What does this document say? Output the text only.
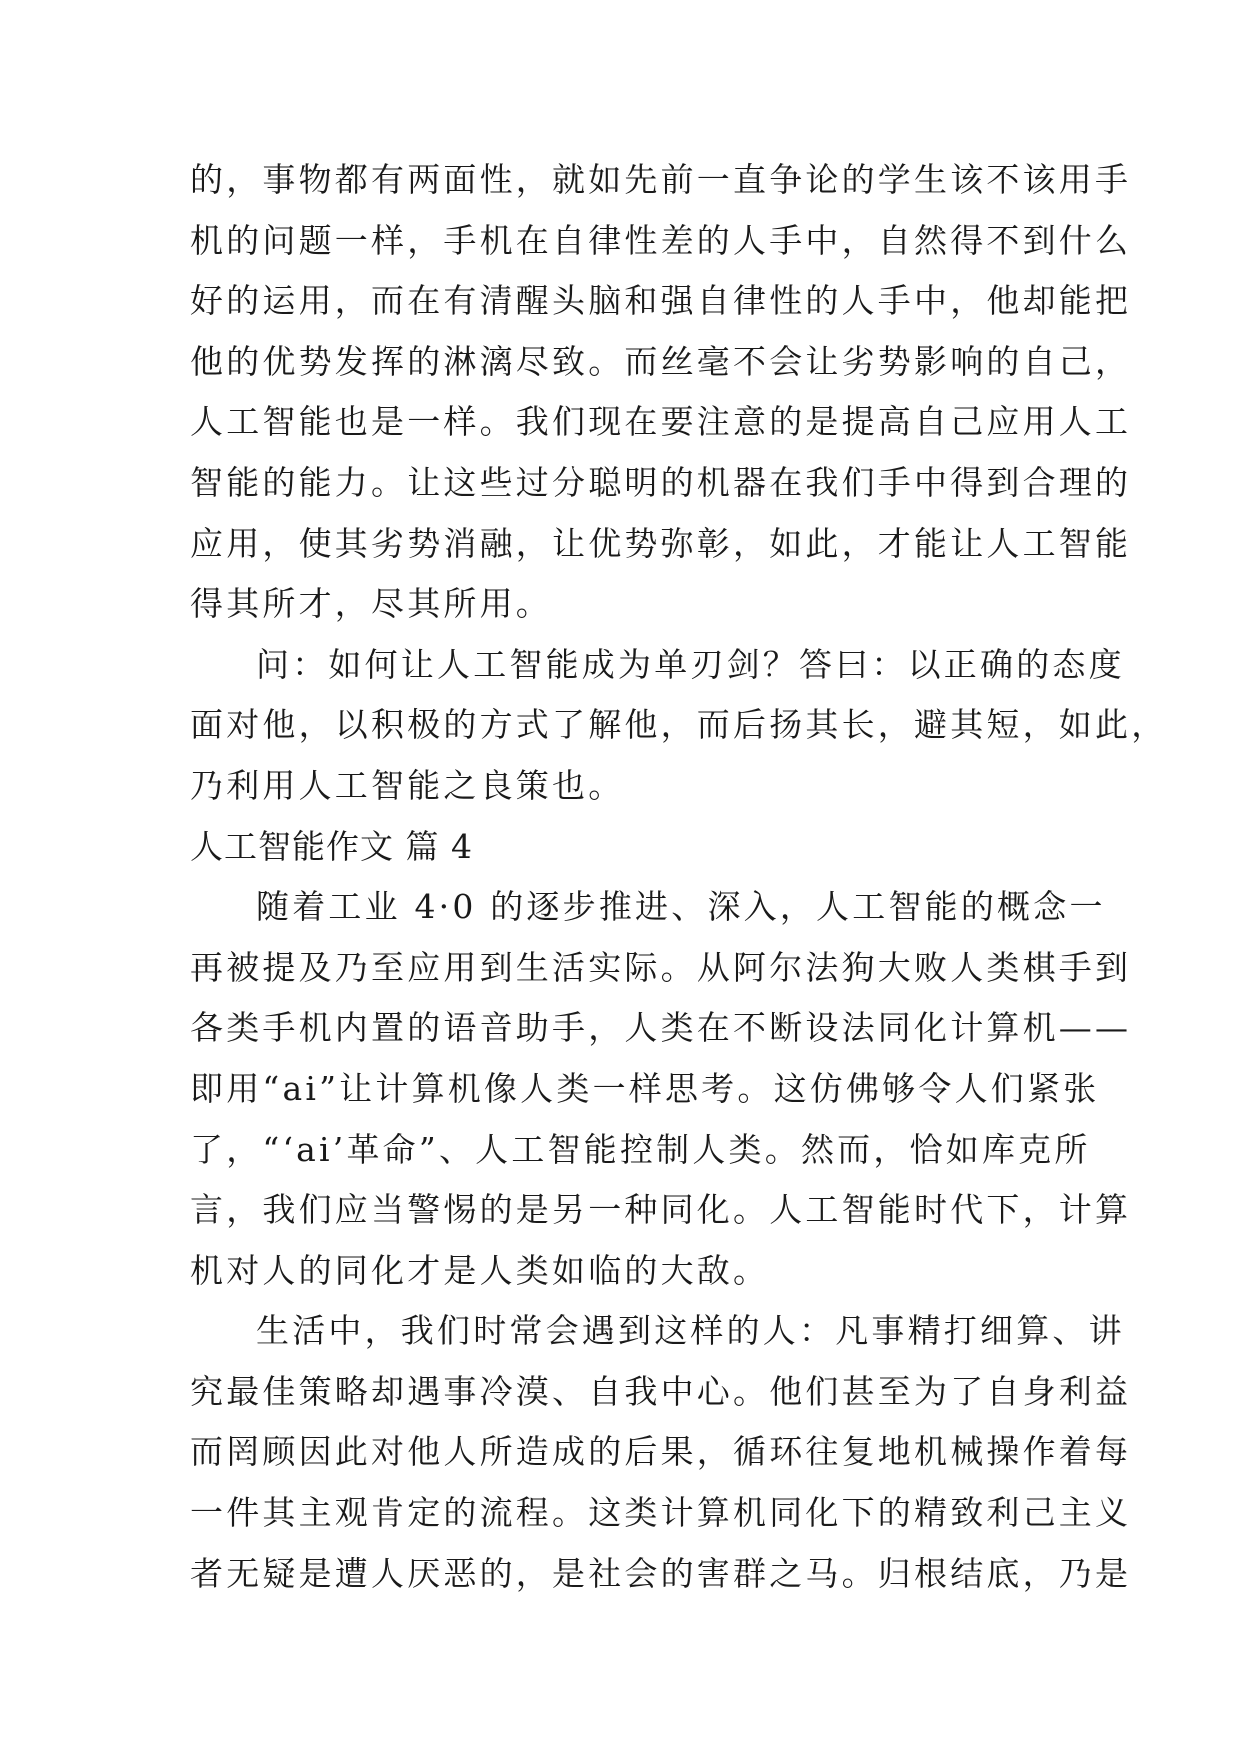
的，事物都有两面性，就如先前一直争论的学生该不该用手
机的问题一样，手机在自律性差的人手中，自然得不到什么
好的运用，而在有清醒头脑和强自律性的人手中，他却能把
他的优势发挥的淋漓尽致。而丝毫不会让劣势影响的自己，
人工智能也是一样。我们现在要注意的是提高自己应用人工
智能的能力。让这些过分聪明的机器在我们手中得到合理的
应用，使其劣势消融，让优势弥彰，如此，才能让人工智能
得其所才，尽其所用。
问：如何让人工智能成为单刃剑？答曰：以正确的态度
面对他，以积极的方式了解他，而后扬其长，避其短，如此，
乃利用人工智能之良策也。
人工智能作文 篇 4
随着工业 4·0 的逐步推进、深入，人工智能的概念一
再被提及乃至应用到生活实际。从阿尔法狗大败人类棋手到
各类手机内置的语音助手，人类在不断设法同化计算机——
即用“ai”让计算机像人类一样思考。这仿佛够令人们紧张
了，“‘ai’革命”、人工智能控制人类。然而，恰如库克所
言，我们应当警惕的是另一种同化。人工智能时代下，计算
机对人的同化才是人类如临的大敌。
生活中，我们时常会遇到这样的人：凡事精打细算、讲
究最佳策略却遇事冷漠、自我中心。他们甚至为了自身利益
而罔顾因此对他人所造成的后果，循环往复地机械操作着每
一件其主观肯定的流程。这类计算机同化下的精致利己主义
者无疑是遭人厌恶的，是社会的害群之马。归根结底，乃是
